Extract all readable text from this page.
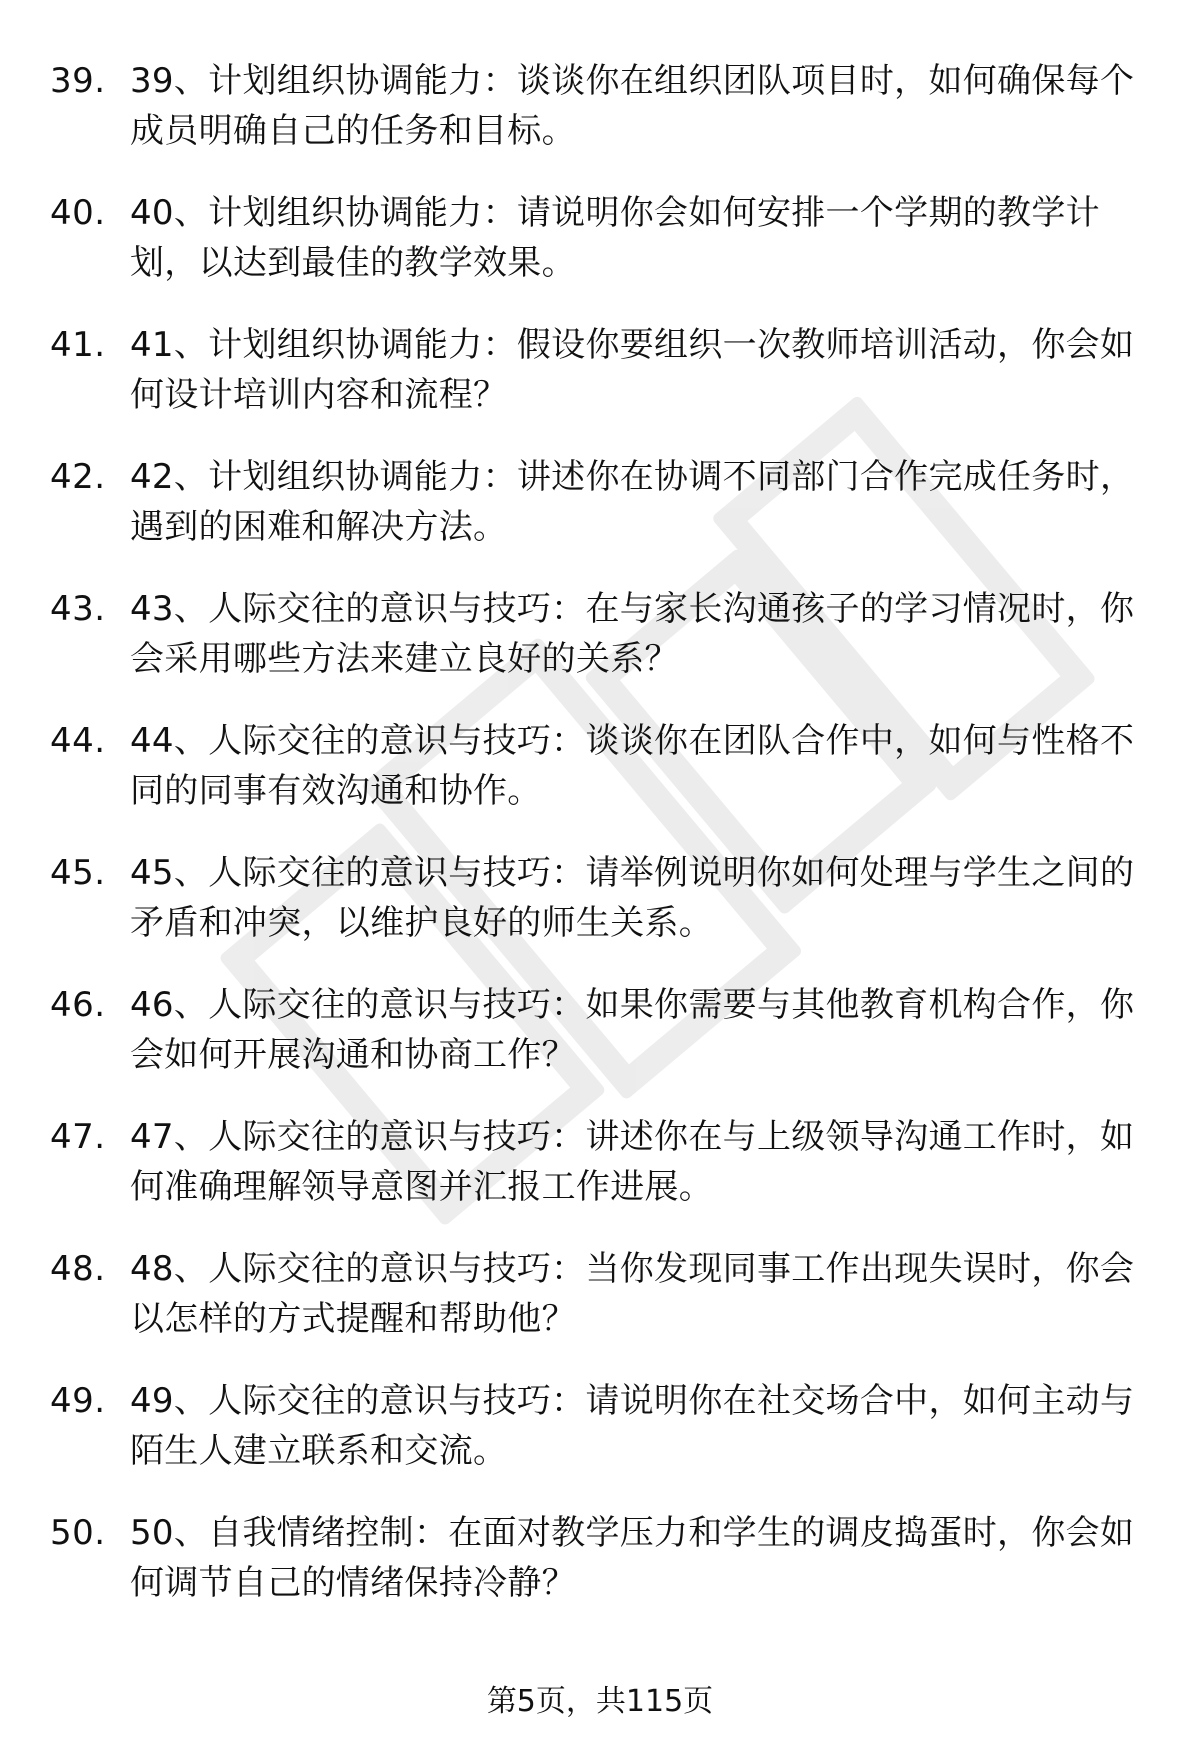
39. 39、计划组织协调能力：谈谈你在组织团队项目时，如何确保每个成员明确自己的任务和目标。
40. 40、计划组织协调能力：请说明你会如何安排一个学期的教学计划，以达到最佳的教学效果。
41. 41、计划组织协调能力：假设你要组织一次教师培训活动，你会如何设计培训内容和流程？
42. 42、计划组织协调能力：讲述你在协调不同部门合作完成任务时，遇到的困难和解决方法。
43. 43、人际交往的意识与技巧：在与家长沟通孩子的学习情况时，你会采用哪些方法来建立良好的关系？
44. 44、人际交往的意识与技巧：谈谈你在团队合作中，如何与性格不同的同事有效沟通和协作。
45. 45、人际交往的意识与技巧：请举例说明你如何处理与学生之间的矛盾和冲突，以维护良好的师生关系。
46. 46、人际交往的意识与技巧：如果你需要与其他教育机构合作，你会如何开展沟通和协商工作？
47. 47、人际交往的意识与技巧：讲述你在与上级领导沟通工作时，如何准确理解领导意图并汇报工作进展。
48. 48、人际交往的意识与技巧：当你发现同事工作出现失误时，你会以怎样的方式提醒和帮助他？
49. 49、人际交往的意识与技巧：请说明你在社交场合中，如何主动与陌生人建立联系和交流。
50. 50、自我情绪控制：在面对教学压力和学生的调皮捣蛋时，你会如何调节自己的情绪保持冷静？
第5页，共115页
